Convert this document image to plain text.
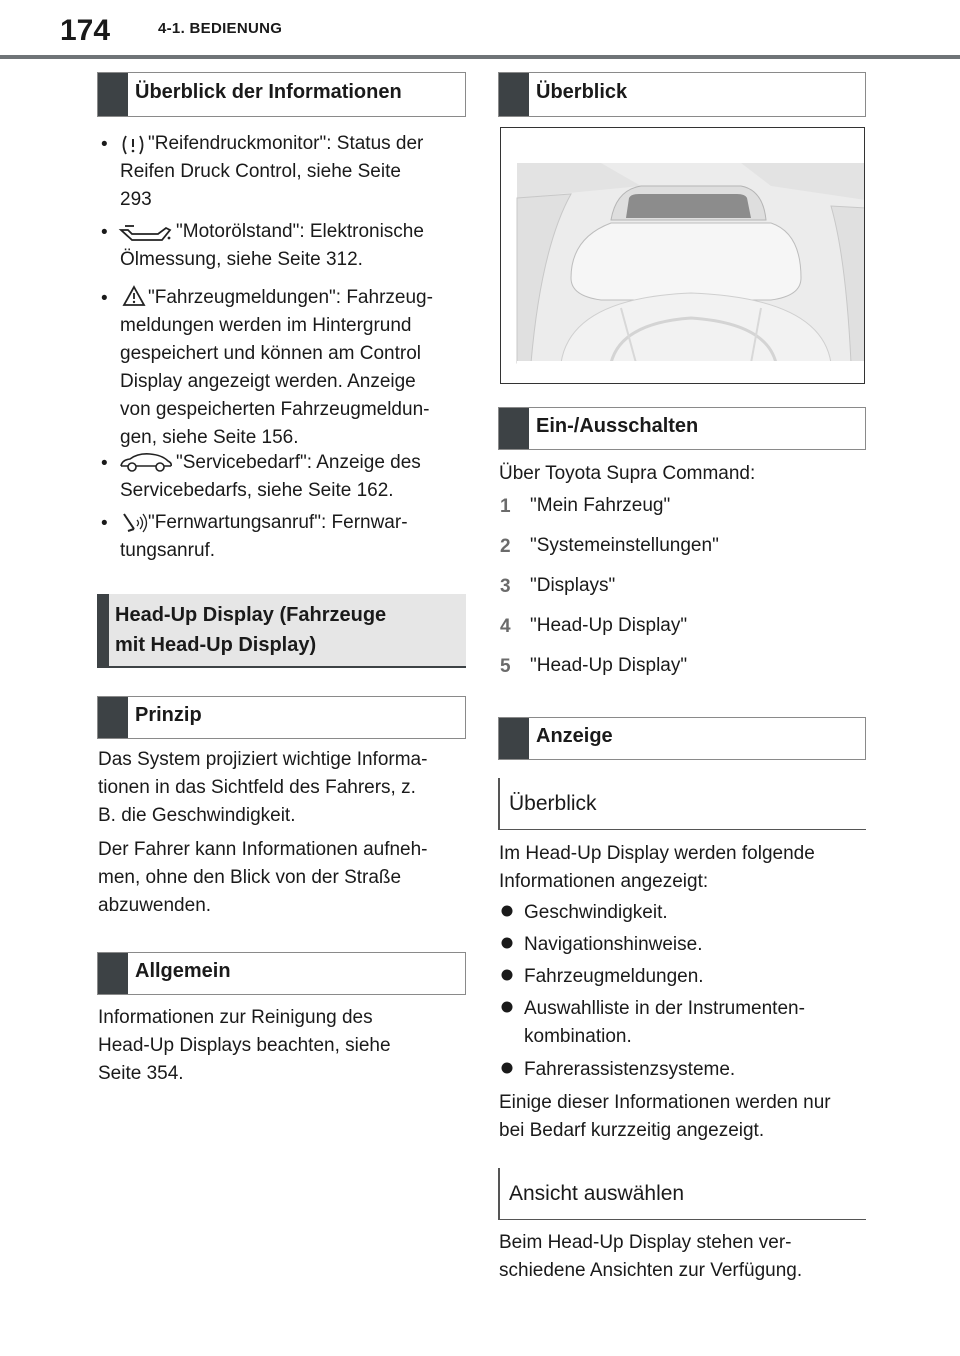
174	4-1. BEDIENUNG
Überblick der Informationen
• "Reifendruckmonitor": Status der
Reifen Druck Control, siehe Seite
293
•	"Motorölstand": Elektronische
Ölmessung, siehe Seite 312.
• "Fahrzeugmeldungen": Fahrzeug-
meldungen werden im Hintergrund
gespeichert und können am Control
Display angezeigt werden. Anzeige
von gespeicherten Fahrzeugmeldun-
gen, siehe Seite 156.
•	"Servicebedarf": Anzeige des
Servicebedarfs, siehe Seite 162.
• "Fernwartungsanruf": Fernwar-
tungsanruf.
Head-Up Display (Fahrzeuge
mit Head-Up Display)
Prinzip
Das System projiziert wichtige Informa-
tionen in das Sichtfeld des Fahrers, z.
B. die Geschwindigkeit.
Der Fahrer kann Informationen aufneh-
men, ohne den Blick von der Straße
abzuwenden.
Allgemein
Informationen zur Reinigung des
Head-Up Displays beachten, siehe
Seite 354.
Überblick
Ein-/Ausschalten
Über Toyota Supra Command:
1 "Mein Fahrzeug"
2 "Systemeinstellungen"
3 "Displays"
4 "Head-Up Display"
5 "Head-Up Display"
Anzeige
Überblick
Im Head-Up Display werden folgende
Informationen angezeigt:
Geschwindigkeit.
Navigationshinweise.
Fahrzeugmeldungen.
Auswahlliste in der Instrumenten-
kombination.
Fahrerassistenzsysteme.
Einige dieser Informationen werden nur
bei Bedarf kurzzeitig angezeigt.
Ansicht auswählen
Beim Head-Up Display stehen ver-
schiedene Ansichten zur Verfügung.
